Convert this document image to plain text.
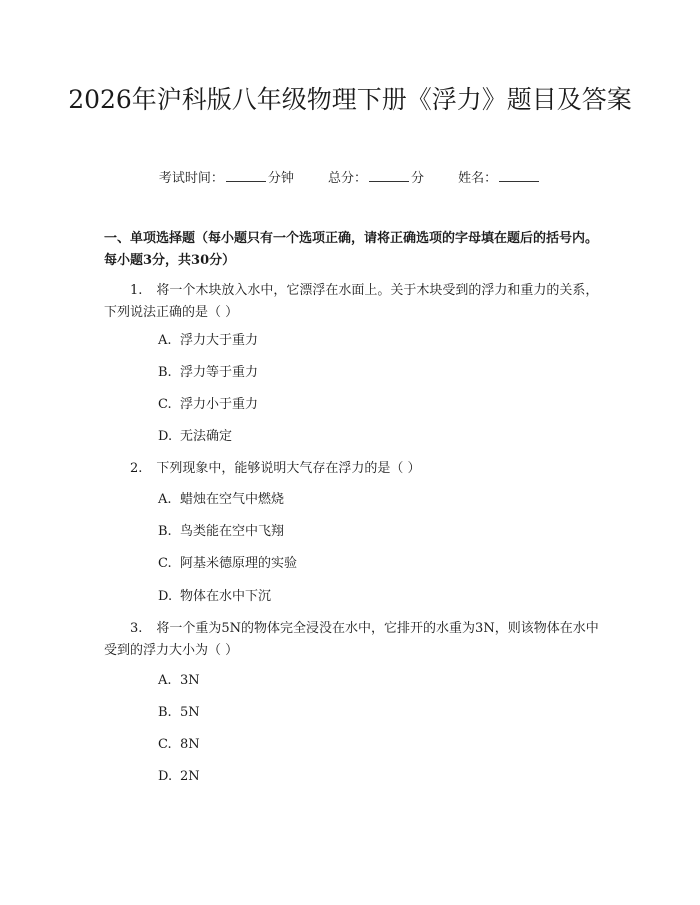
2026年沪科版八年级物理下册《浮力》题目及答案
考试时间：	分钟	总分：	分	姓名：

一、单项选择题（每小题只有一个选项正确，请将正确选项的字母填在题后的括号内。每小题3分，共30分）

1. 将一个木块放入水中，它漂浮在水面上。关于木块受到的浮力和重力的关系，下列说法正确的是（ ）

A. 浮力大于重力
B. 浮力等于重力
C. 浮力小于重力
D. 无法确定

2. 下列现象中，能够说明大气存在浮力的是（ ）

A. 蜡烛在空气中燃烧
B. 鸟类能在空中飞翔
C. 阿基米德原理的实验
D. 物体在水中下沉

3. 将一个重为5N的物体完全浸没在水中，它排开的水重为3N，则该物体在水中受到的浮力大小为（ ）

A. 3N
B. 5N
C. 8N
D. 2N
